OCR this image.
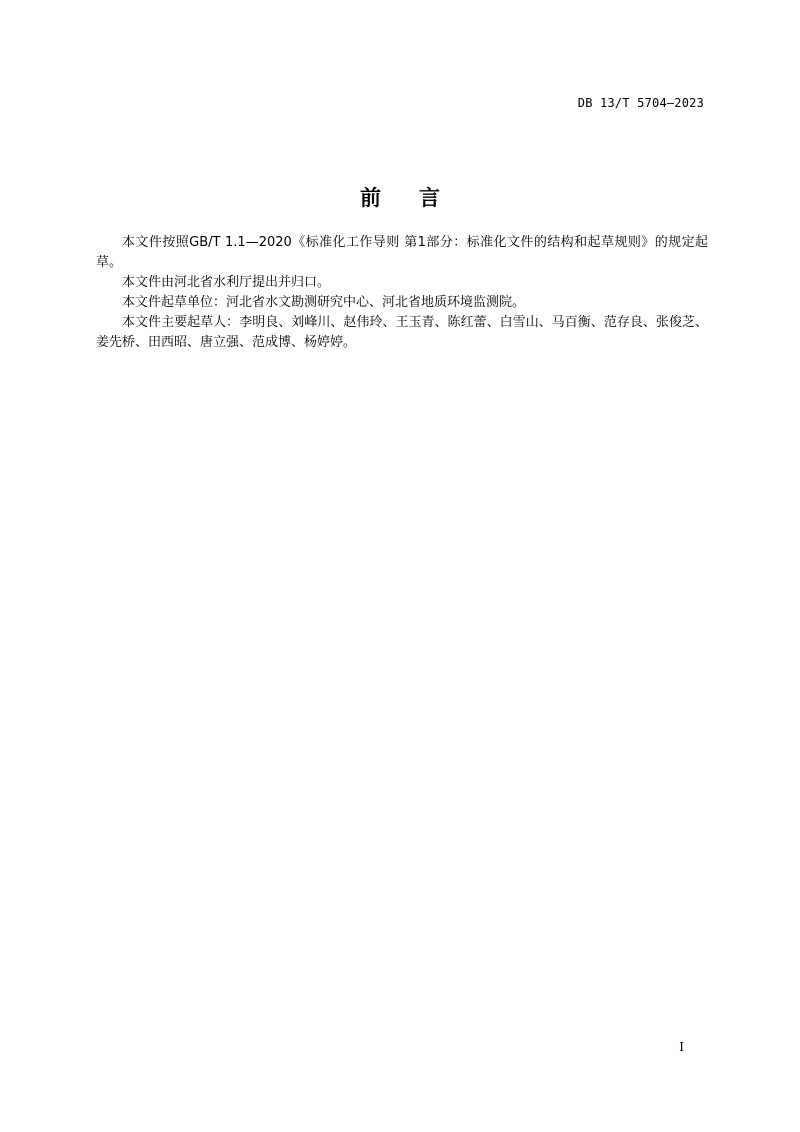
DB 13/T 5704—2023
前言

本文件按照GB/T 1.1—2020《标准化工作导则 第1部分：标准化文件的结构和起草规则》的规定起草。

本文件由河北省水利厅提出并归口。

本文件起草单位：河北省水文勘测研究中心、河北省地质环境监测院。

本文件主要起草人：李明良、刘峰川、赵伟玲、王玉青、陈红蕾、白雪山、马百衡、范存良、张俊芝、姜先桥、田西昭、唐立强、范成博、杨婷婷。

I
